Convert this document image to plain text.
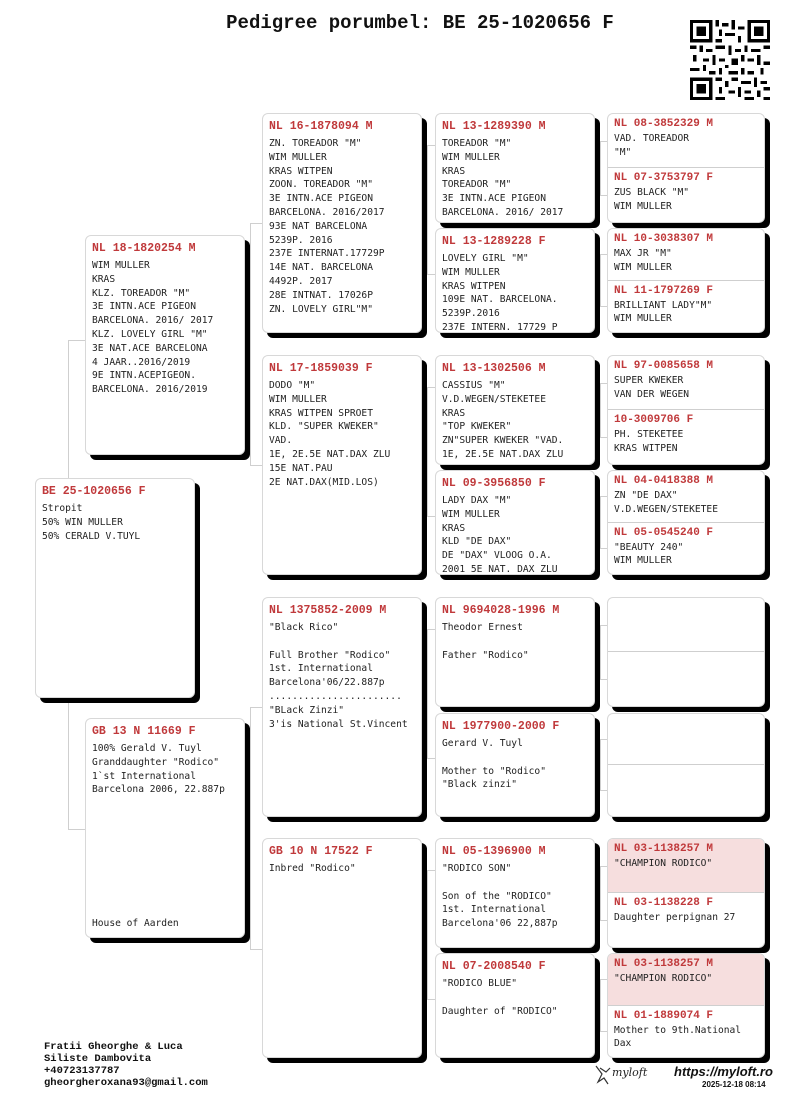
Pedigree porumbel: BE 25-1020656 F
BE 25-1020656 F
Stropit
50% WIN MULLER
50% CERALD V.TUYL
NL 18-1820254 M
WIM MULLER
KRAS
KLZ. TOREADOR "M"
3E INTN.ACE PIGEON
BARCELONA. 2016/ 2017
KLZ. LOVELY GIRL "M"
3E NAT.ACE BARCELONA
4 JAAR..2016/2019
9E INTN.ACEPIGEON.
BARCELONA. 2016/2019
GB 13 N 11669 F
100% Gerald V. Tuyl
Granddaughter "Rodico"
1`st International
Barcelona 2006, 22.887p
House of Aarden
NL 16-1878094 M
ZN. TOREADOR "M"
WIM MULLER
KRAS WITPEN
ZOON. TOREADOR "M"
3E INTN.ACE PIGEON
BARCELONA. 2016/2017
93E NAT BARCELONA
5239P. 2016
237E INTERNAT.17729P
14E NAT. BARCELONA
4492P. 2017
28E INTNAT. 17026P
ZN. LOVELY GIRL"M"
NL 17-1859039 F
DODO "M"
WIM MULLER
KRAS WITPEN SPROET
KLD. "SUPER KWEKER"
VAD.
1E, 2E.5E NAT.DAX ZLU
15E NAT.PAU
2E NAT.DAX(MID.LOS)
NL 1375852-2009 M
"Black Rico"
Full Brother "Rodico"
1st. International
Barcelona'06/22.887p
.......................
"BLack Zinzi"
3'is National St.Vincent
GB 10 N 17522 F
Inbred "Rodico"
NL 13-1289390 M
TOREADOR "M"
WIM MULLER
KRAS
TOREADOR "M"
3E INTN.ACE PIGEON
BARCELONA. 2016/ 2017
NL 13-1289228 F
LOVELY GIRL "M"
WIM MULLER
KRAS WITPEN
109E NAT. BARCELONA.
5239P.2016
237E INTERN. 17729 P
NL 13-1302506 M
CASSIUS "M"
V.D.WEGEN/STEKETEE
KRAS
"TOP KWEKER"
ZN"SUPER KWEKER "VAD.
1E, 2E.5E NAT.DAX ZLU
NL 09-3956850 F
LADY DAX "M"
WIM MULLER
KRAS
KLD "DE DAX"
DE "DAX" VLOOG O.A.
2001 5E NAT. DAX ZLU
NL 9694028-1996 M
Theodor Ernest
Father "Rodico"
NL 1977900-2000 F
Gerard V. Tuyl
Mother to "Rodico"
"Black zinzi"
NL 05-1396900 M
"RODICO SON"
Son of the "RODICO"
1st. International
Barcelona'06 22,887p
NL 07-2008540 F
"RODICO BLUE"
Daughter of "RODICO"
NL 08-3852329 M
VAD. TOREADOR
"M"
NL 07-3753797 F
ZUS BLACK "M"
WIM MULLER
NL 10-3038307 M
MAX JR "M"
WIM MULLER
NL 11-1797269 F
BRILLIANT LADY"M"
WIM MULLER
NL 97-0085658 M
SUPER KWEKER
VAN DER WEGEN
10-3009706 F
PH. STEKETEE
KRAS WITPEN
NL 04-0418388 M
ZN "DE DAX"
V.D.WEGEN/STEKETEE
NL 05-0545240 F
"BEAUTY 240"
WIM MULLER
NL 03-1138257 M
"CHAMPION RODICO"
NL 03-1138228 F
Daughter perpignan 27
NL 03-1138257 M
"CHAMPION RODICO"
NL 01-1889074 F
Mother to 9th.National
Dax
Fratii Gheorghe & Luca
Siliste Dambovita
+40723137787
gheorgheroxana93@gmail.com
myloft https://myloft.ro
2025-12-18 08:14
